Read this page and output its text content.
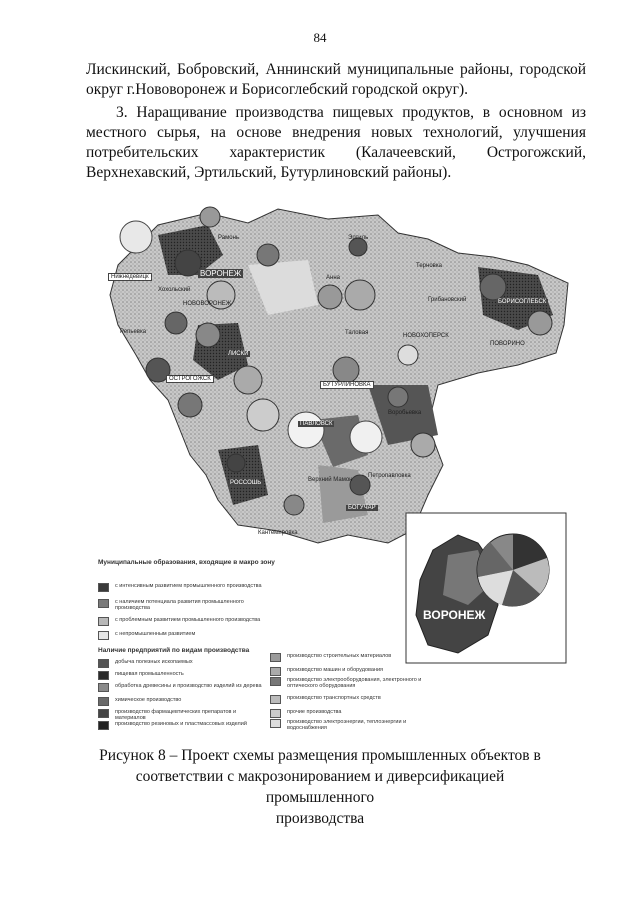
84
Лискинский, Бобровский, Аннинский муниципальные районы, городской
округ г.Нововоронеж и Борисоглебский городской округ).
3. Наращивание производства пищевых продуктов, в основном из
местного сырья, на основе внедрения новых технологий, улучшения
потребительских характеристик (Калачеевский, Острогожский,
Верхнехавский, Эртильский, Бутурлиновский районы).
Рамонь
Нижнедевицк	ВОРОНЕЖ
Хохольский
НОВОВОРОНЕЖ
Репьевка
ЛИСКИ
ОСТРОГОЖСК
Анна
Эртиль
Терновка
Грибановский	БОРИСОГЛЕБСК
НОВОХОПЕРСК
ПОВОРИНО
Таловая
БУТУРЛИНОВКА
ПАВЛОВСК
Воробьевка
РОССОШЬ	Верхний Мамон
Петропавловка
БОГУЧАР
Кантемировка
ВОРОНЕЖ
Муниципальные образования, входящие в макро зону
с интенсивным развитием промышленного производства
с наличием потенциала развития промышленного производства
с проблемным развитием промышленного производства
с непромышленным развитием
Наличие предприятий по видам производства
добыча полезных ископаемых
пищевая промышленность
обработка древесины и производство изделий из дерева
химическое производство
производство фармацевтических препаратов и материалов
производство резиновых и пластмассовых изделий
производство строительных материалов
производство машин и оборудования
производство электрооборудования, электронного и оптического оборудования
производство транспортных средств
прочие производства
производство электроэнергии, теплоэнергии и водоснабжения
Рисунок 8 – Проект схемы размещения промышленных объектов в
соответствии с макрозонированием и диверсификацией промышленного
производства
